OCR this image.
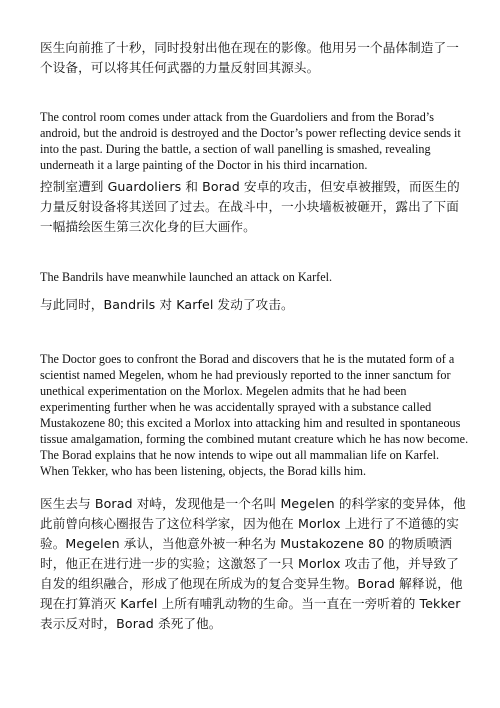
医生向前推了十秒，同时投射出他在现在的影像。他用另一个晶体制造了一个设备，可以将其任何武器的力量反射回其源头。

The control room comes under attack from the Guardoliers and from the Borad’s android, but the android is destroyed and the Doctor’s power reflecting device sends it into the past. During the battle, a section of wall panelling is smashed, revealing underneath it a large painting of the Doctor in his third incarnation.

控制室遭到 Guardoliers 和 Borad 安卓的攻击，但安卓被摧毁，而医生的力量反射设备将其送回了过去。在战斗中，一小块墙板被砸开，露出了下面一幅描绘医生第三次化身的巨大画作。

The Bandrils have meanwhile launched an attack on Karfel.

与此同时，Bandrils 对 Karfel 发动了攻击。

The Doctor goes to confront the Borad and discovers that he is the mutated form of a scientist named Megelen, whom he had previously reported to the inner sanctum for unethical experimentation on the Morlox. Megelen admits that he had been experimenting further when he was accidentally sprayed with a substance called Mustakozene 80; this excited a Morlox into attacking him and resulted in spontaneous tissue amalgamation, forming the combined mutant creature which he has now become. The Borad explains that he now intends to wipe out all mammalian life on Karfel. When Tekker, who has been listening, objects, the Borad kills him.

医生去与 Borad 对峙，发现他是一个名叫 Megelen 的科学家的变异体，他此前曾向核心圈报告了这位科学家，因为他在 Morlox 上进行了不道德的实验。Megelen 承认，当他意外被一种名为 Mustakozene 80 的物质喷洒时，他正在进行进一步的实验；这激怒了一只 Morlox 攻击了他，并导致了自发的组织融合，形成了他现在所成为的复合变异生物。Borad 解释说，他现在打算消灭 Karfel 上所有哺乳动物的生命。当一直在一旁听着的 Tekker 表示反对时，Borad 杀死了他。
